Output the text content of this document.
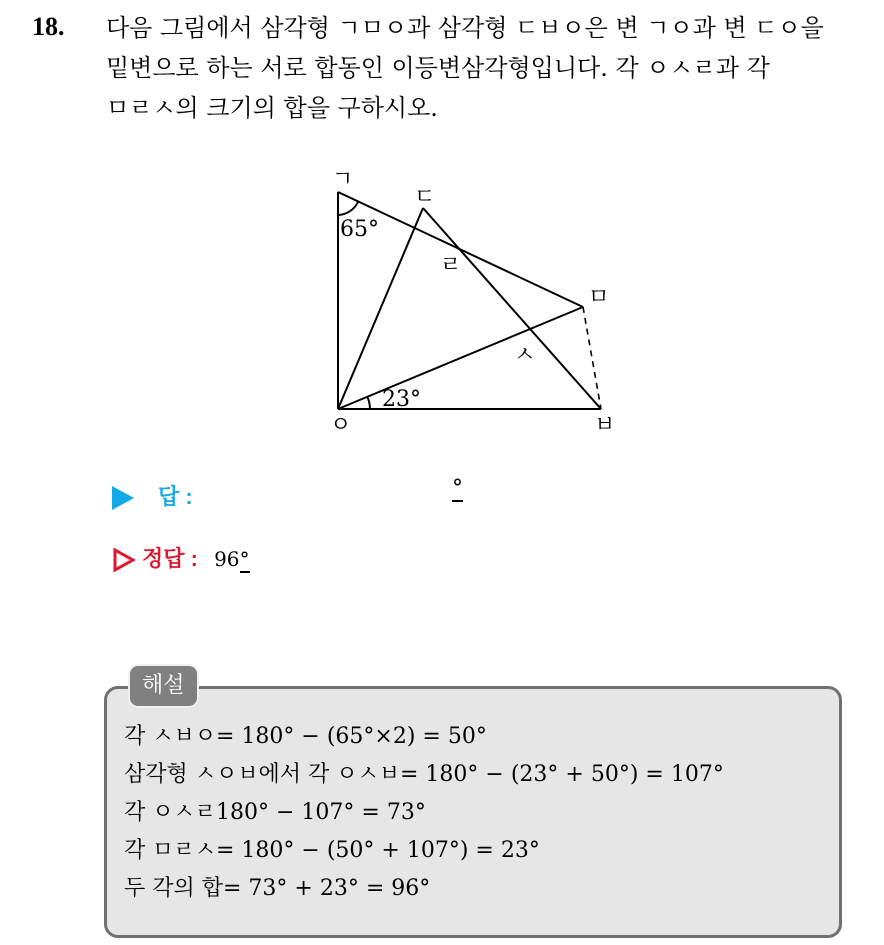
18. 다음 그림에서 삼각형 ㄱㅁㅇ과 삼각형 ㄷㅂㅇ은 변 ㄱㅇ과 변 ㄷㅇ을
밑변으로 하는 서로 합동인 이등변삼각형입니다. 각 ㅇㅅㄹ과 각
ㅁㄹㅅ의 크기의 합을 구하시오.
ㄱ
ㄷ
ㄹ
ㅁ
ㅅ
ㅇ	ㅂ
65°
23°
답 :	°
정답 : 96°
해설
각 ㅅㅂㅇ= 180° − (65°×2) = 50°
삼각형 ㅅㅇㅂ에서 각 ㅇㅅㅂ= 180° − (23° + 50°) = 107°
각 ㅇㅅㄹ180° − 107° = 73°
각 ㅁㄹㅅ= 180° − (50° + 107°) = 23°
두 각의 합= 73° + 23° = 96°
